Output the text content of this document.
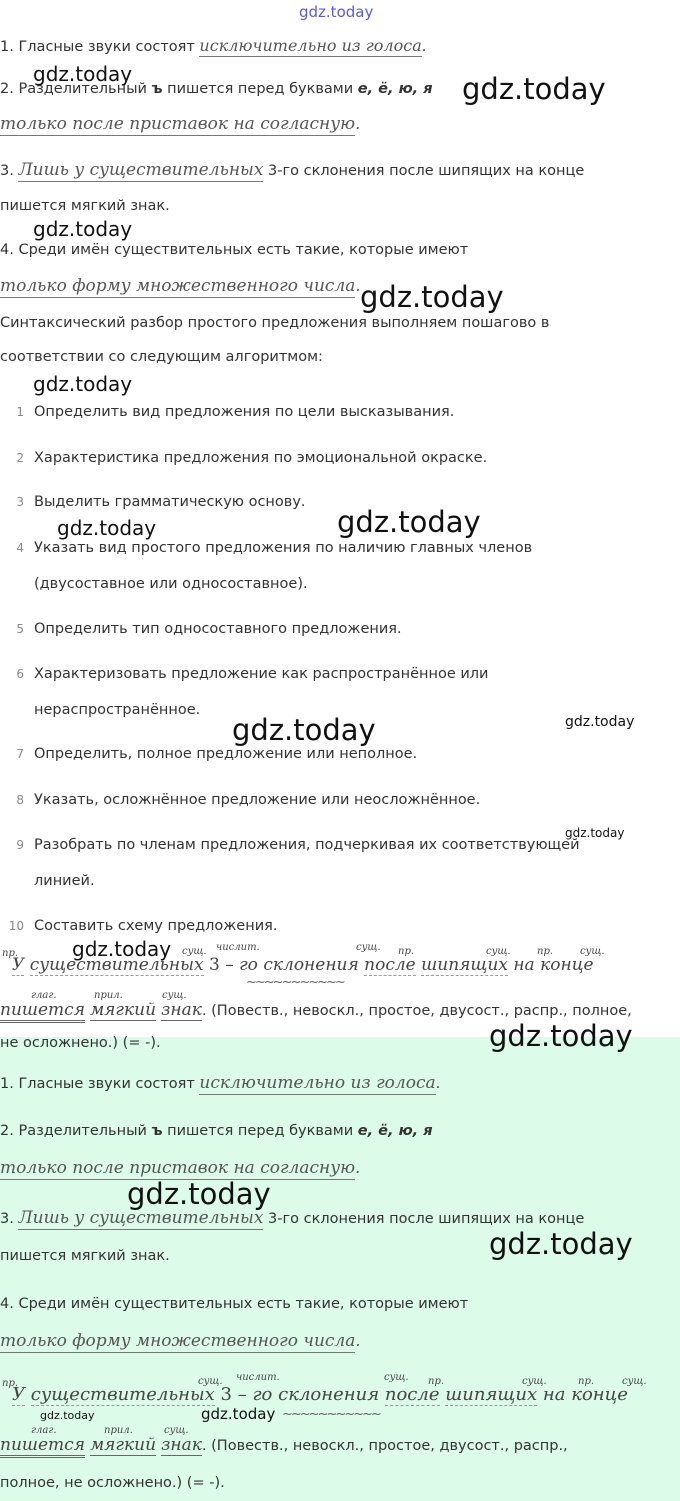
gdz.today
1. Гласные звуки состоят исключительно из голоса.
gdz.today
2. Разделительный ъ пишется перед буквами е, ё, ю, я gdz.today
только после приставок на согласную.
3. Лишь у существительных 3-го склонения после шипящих на конце
пишется мягкий знак.
gdz.today
4. Среди имён существительных есть такие, которые имеют
только форму множественного числа. gdz.today
Синтаксический разбор простого предложения выполняем пошагово в
соответствии со следующим алгоритмом:
gdz.today
1 Определить вид предложения по цели высказывания.
2 Характеристика предложения по эмоциональной окраске.
3 Выделить грамматическую основу.
gdz.today	gdz.today
4 Указать вид простого предложения по наличию главных членов
(двусоставное или односоставное).
5 Определить тип односоставного предложения.
6 Характеризовать предложение как распространённое или
нераспространённое.
gdz.today	gdz.today
7 Определить, полное предложение или неполное.
8 Указать, осложнённое предложение или неосложнённое.
gdz.today
9 Разобрать по членам предложения, подчеркивая их соответствующей
линией.
10 Составить схему предложения.
gdz.today
пр.	сущ. числит.	сущ. пр.	сущ.	пр.	сущ.
У существительных 3 – го склонения после шипящих на конце
~~~~~~~~~~~
глаг.	прил.	сущ.
пишется мягкий знак. (Повеств., невоскл., простое, двусост., распр., полное,
не осложнено.) (= -).	gdz.today
1. Гласные звуки состоят исключительно из голоса.
2. Разделительный ъ пишется перед буквами е, ё, ю, я
только после приставок на согласную.
gdz.today
3. Лишь у существительных 3-го склонения после шипящих на конце
gdz.today
пишется мягкий знак.
4. Среди имён существительных есть такие, которые имеют
только форму множественного числа.
пр.	сущ. числит.	сущ. пр.	сущ.	пр.	сущ.
У существительных 3 – го склонения после шипящих на конце
gdz.today	gdz.today ~~~~~~~~~~~
глаг.	прил.	сущ.
пишется мягкий знак. (Повеств., невоскл., простое, двусост., распр.,
полное, не осложнено.) (= -).
